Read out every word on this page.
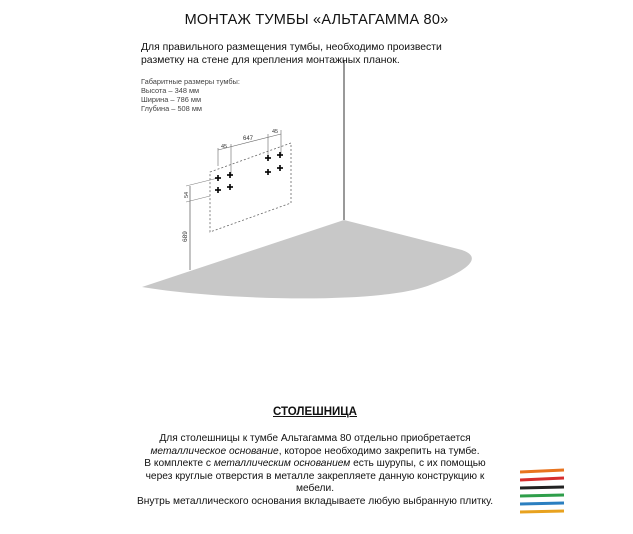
МОНТАЖ ТУМБЫ «АЛЬТАГАММА 80»
Для правильного размещения тумбы, необходимо произвести
разметку на стене для крепления монтажных планок.
Габаритные размеры тумбы:
Высота – 348 мм
Ширина – 786 мм
Глубина – 508 мм
45
647
45
54
689
СТОЛЕШНИЦА

Для столешницы к тумбе Альтагамма 80 отдельно приобретается
металлическое основание, которое необходимо закрепить на тумбе.

В комплекте с металлическим основанием есть шурупы, с их помощью через круглые отверстия в металле закрепляете данную конструкцию к мебели.

Внутрь металлического основания вкладываете любую выбранную плитку.
